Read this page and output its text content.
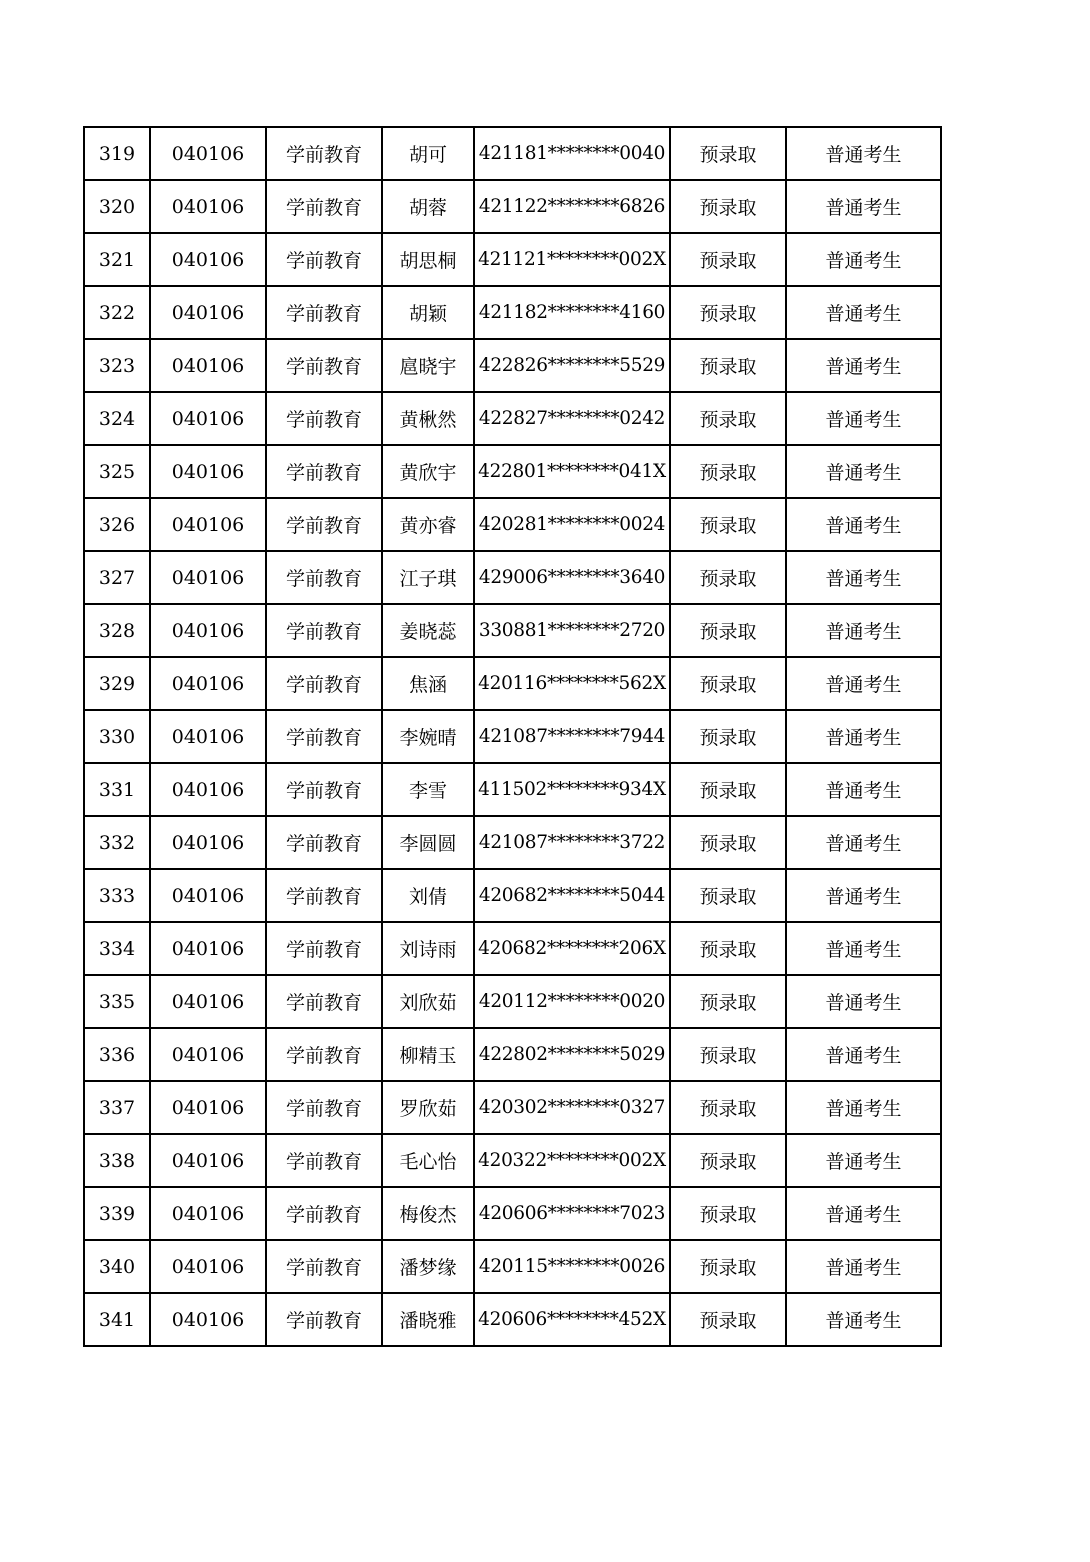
319	040106	学前教育	胡可	421181********0040	预录取	普通考生
320	040106	学前教育	胡蓉	421122********6826	预录取	普通考生
321	040106	学前教育	胡思桐	421121********002X	预录取	普通考生
322	040106	学前教育	胡颖	421182********4160	预录取	普通考生
323	040106	学前教育	扈晓宇	422826********5529	预录取	普通考生
324	040106	学前教育	黄楸然	422827********0242	预录取	普通考生
325	040106	学前教育	黄欣宇	422801********041X	预录取	普通考生
326	040106	学前教育	黄亦睿	420281********0024	预录取	普通考生
327	040106	学前教育	江子琪	429006********3640	预录取	普通考生
328	040106	学前教育	姜晓蕊	330881********2720	预录取	普通考生
329	040106	学前教育	焦涵	420116********562X	预录取	普通考生
330	040106	学前教育	李婉晴	421087********7944	预录取	普通考生
331	040106	学前教育	李雪	411502********934X	预录取	普通考生
332	040106	学前教育	李圆圆	421087********3722	预录取	普通考生
333	040106	学前教育	刘倩	420682********5044	预录取	普通考生
334	040106	学前教育	刘诗雨	420682********206X	预录取	普通考生
335	040106	学前教育	刘欣茹	420112********0020	预录取	普通考生
336	040106	学前教育	柳精玉	422802********5029	预录取	普通考生
337	040106	学前教育	罗欣茹	420302********0327	预录取	普通考生
338	040106	学前教育	毛心怡	420322********002X	预录取	普通考生
339	040106	学前教育	梅俊杰	420606********7023	预录取	普通考生
340	040106	学前教育	潘梦缘	420115********0026	预录取	普通考生
341	040106	学前教育	潘晓雅	420606********452X	预录取	普通考生
